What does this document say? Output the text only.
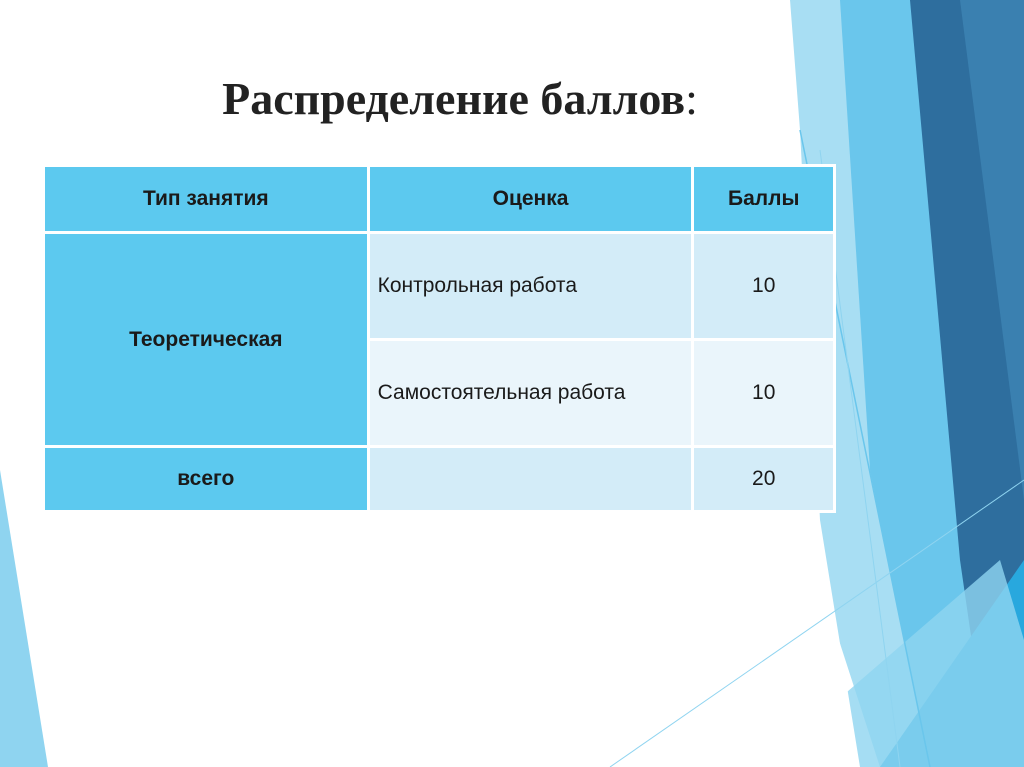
Распределение баллов:
Тип занятия	Оценка	Баллы
Теоретическая	Контрольная работа	10
	Самостоятельная работа	10
всего		20
